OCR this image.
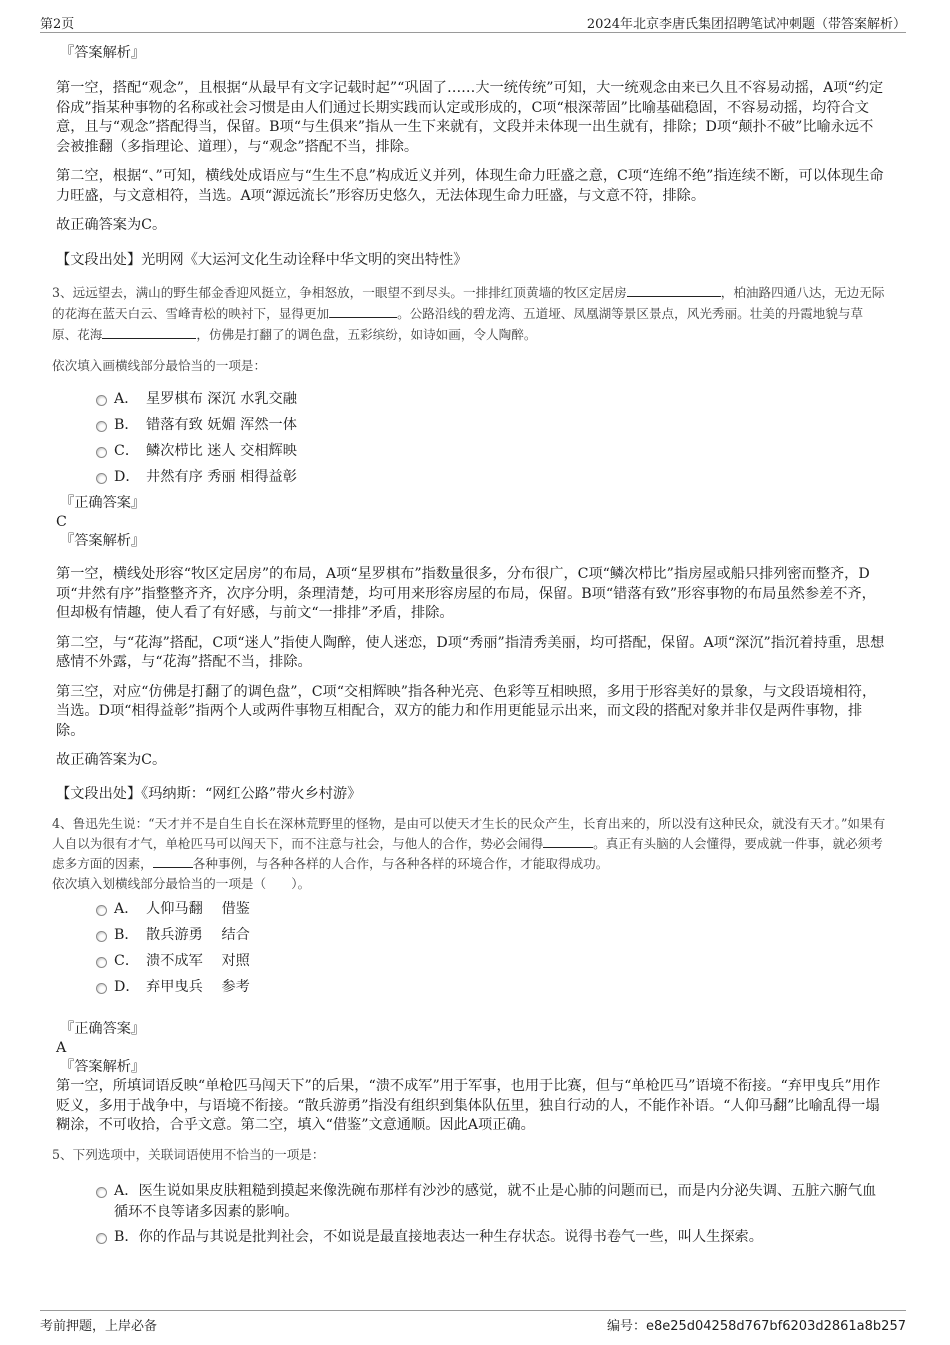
第2页	2024年北京李唐氏集团招聘笔试冲刺题（带答案解析）

『答案解析』

第一空，搭配“观念”，且根据“从最早有文字记载时起”“巩固了……大一统传统”可知，大一统观念由来已久且不容易动摇，A项“约定俗成”指某种事物的名称或社会习惯是由人们通过长期实践而认定或形成的，C项“根深蒂固”比喻基础稳固，不容易动摇，均符合文意，且与“观念”搭配得当，保留。B项“与生俱来”指从一生下来就有，文段并未体现一出生就有，排除；D项“颠扑不破”比喻永远不会被推翻（多指理论、道理），与“观念”搭配不当，排除。

第二空，根据“、”可知，横线处成语应与“生生不息”构成近义并列，体现生命力旺盛之意，C项“连绵不绝”指连续不断，可以体现生命力旺盛，与文意相符，当选。A项“源远流长”形容历史悠久，无法体现生命力旺盛，与文意不符，排除。

故正确答案为C。

【文段出处】光明网《大运河文化生动诠释中华文明的突出特性》

3、远远望去，满山的野生郁金香迎风挺立，争相怒放，一眼望不到尽头。一排排红顶黄墙的牧区定居房	，柏油路四通八达，无边无际的花海在蓝天白云、雪峰青松的映衬下，显得更加	。公路沿线的碧龙湾、五道垭、凤凰湖等景区景点，风光秀丽。壮美的丹霞地貌与草原、花海	，仿佛是打翻了的调色盘，五彩缤纷，如诗如画，令人陶醉。

依次填入画横线部分最恰当的一项是：

A． 星罗棋布 深沉 水乳交融
B． 错落有致 妩媚 浑然一体
C． 鳞次栉比 迷人 交相辉映
D． 井然有序 秀丽 相得益彰

『正确答案』

C

『答案解析』

第一空，横线处形容“牧区定居房”的布局，A项“星罗棋布”指数量很多，分布很广，C项“鳞次栉比”指房屋或船只排列密而整齐，D项“井然有序”指整整齐齐，次序分明，条理清楚，均可用来形容房屋的布局，保留。B项“错落有致”形容事物的布局虽然参差不齐，但却极有情趣，使人看了有好感，与前文“一排排”矛盾，排除。

第二空，与“花海”搭配，C项“迷人”指使人陶醉，使人迷恋，D项“秀丽”指清秀美丽，均可搭配，保留。A项“深沉”指沉着持重，思想感情不外露，与“花海”搭配不当，排除。

第三空，对应“仿佛是打翻了的调色盘”，C项“交相辉映”指各种光亮、色彩等互相映照，多用于形容美好的景象，与文段语境相符，当选。D项“相得益彰”指两个人或两件事物互相配合，双方的能力和作用更能显示出来，而文段的搭配对象并非仅是两件事物，排除。

故正确答案为C。

【文段出处】《玛纳斯：“网红公路”带火乡村游》

4、鲁迅先生说：“天才并不是自生自长在深林荒野里的怪物，是由可以使天才生长的民众产生，长育出来的，所以没有这种民众，就没有天才。”如果有人自以为很有才气，单枪匹马可以闯天下，而不注意与社会，与他人的合作，势必会闹得	。真正有头脑的人会懂得，要成就一件事，就必须考虑多方面的因素，	各种事例，与各种各样的人合作，与各种各样的环境合作，才能取得成功。

依次填入划横线部分最恰当的一项是（　　）。

A． 人仰马翻　 借鉴
B． 散兵游勇　 结合
C． 溃不成军　 对照
D． 弃甲曳兵　 参考

『正确答案』

A

『答案解析』

第一空，所填词语反映“单枪匹马闯天下”的后果，“溃不成军”用于军事，也用于比赛，但与“单枪匹马”语境不衔接。“弃甲曳兵”用作贬义，多用于战争中，与语境不衔接。“散兵游勇”指没有组织到集体队伍里，独自行动的人，不能作补语。“人仰马翻”比喻乱得一塌糊涂，不可收拾，合乎文意。第二空，填入“借鉴”文意通顺。因此A项正确。

5、下列选项中，关联词语使用不恰当的一项是：

A．医生说如果皮肤粗糙到摸起来像洗碗布那样有沙沙的感觉，就不止是心肺的问题而已，而是内分泌失调、五脏六腑气血循环不良等诸多因素的影响。
B．你的作品与其说是批判社会，不如说是最直接地表达一种生存状态。说得书卷气一些，叫人生探索。
考前押题，上岸必备	编号：e8e25d04258d767bf6203d2861a8b257
